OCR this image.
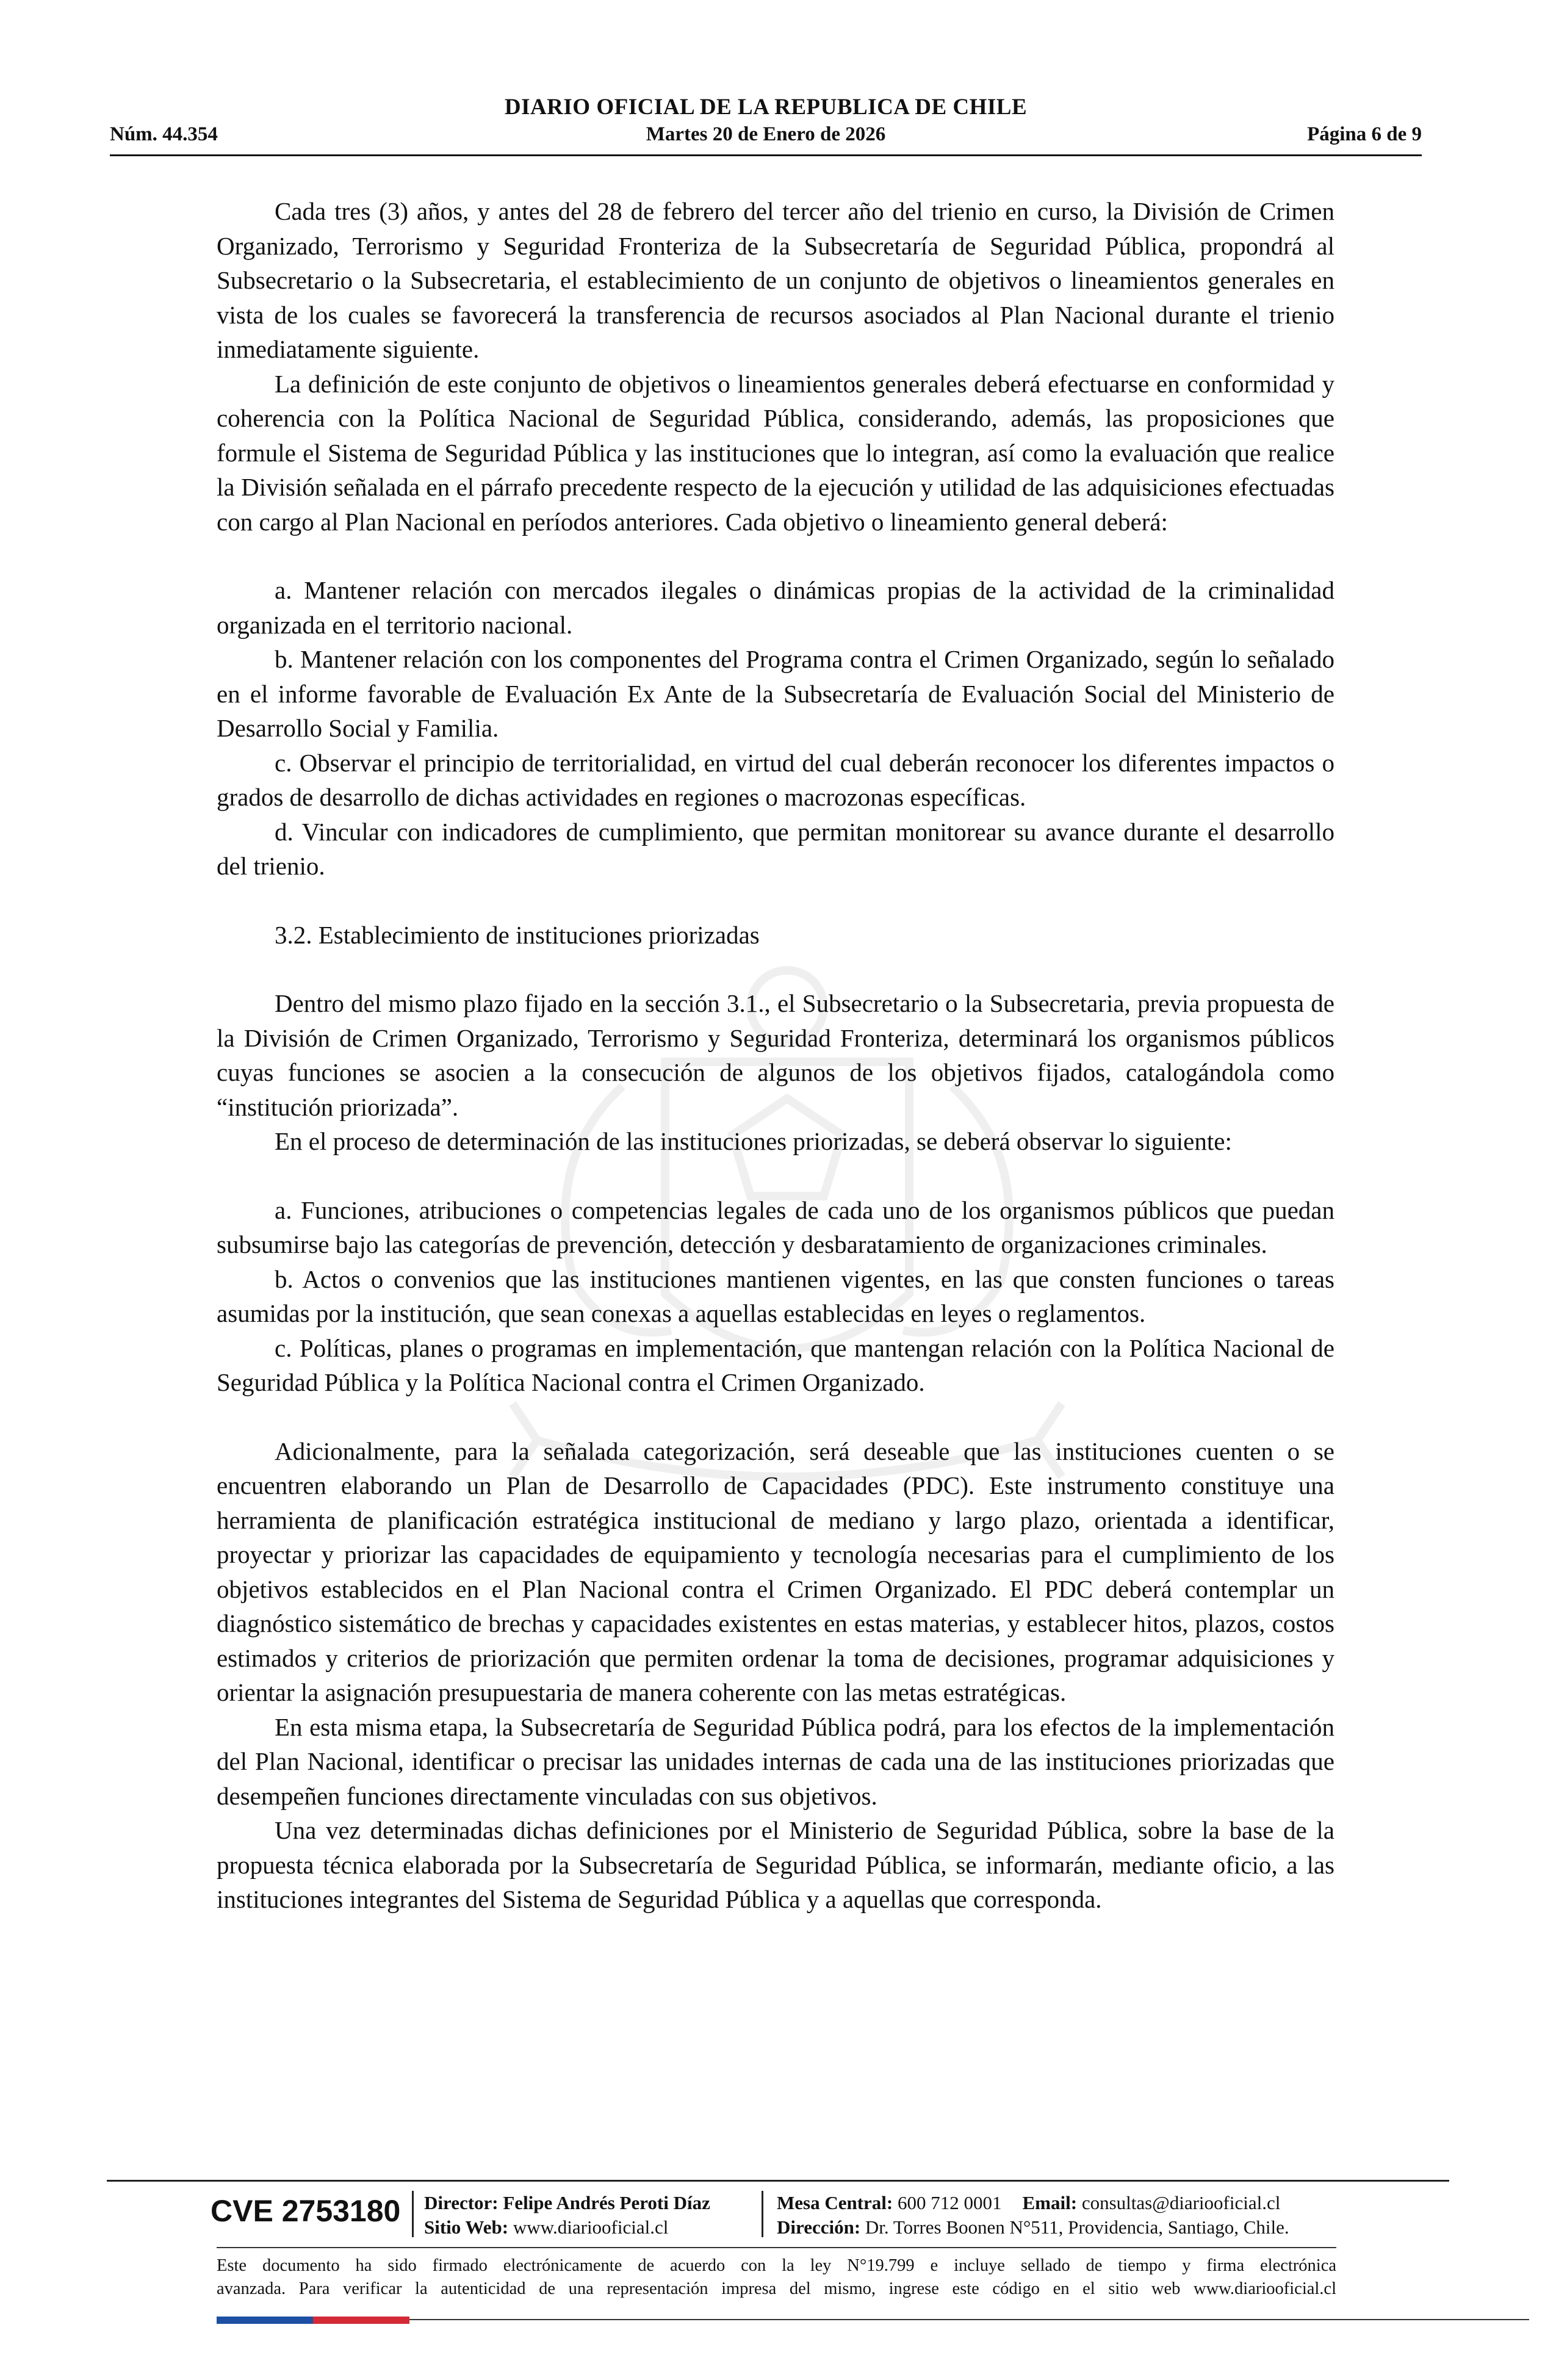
DIARIO OFICIAL DE LA REPUBLICA DE CHILE
Núm. 44.354	Martes 20 de Enero de 2026	Página 6 de 9

Cada tres (3) años, y antes del 28 de febrero del tercer año del trienio en curso, la División de Crimen Organizado, Terrorismo y Seguridad Fronteriza de la Subsecretaría de Seguridad Pública, propondrá al Subsecretario o la Subsecretaria, el establecimiento de un conjunto de objetivos o lineamientos generales en vista de los cuales se favorecerá la transferencia de recursos asociados al Plan Nacional durante el trienio inmediatamente siguiente.

La definición de este conjunto de objetivos o lineamientos generales deberá efectuarse en conformidad y coherencia con la Política Nacional de Seguridad Pública, considerando, además, las proposiciones que formule el Sistema de Seguridad Pública y las instituciones que lo integran, así como la evaluación que realice la División señalada en el párrafo precedente respecto de la ejecución y utilidad de las adquisiciones efectuadas con cargo al Plan Nacional en períodos anteriores. Cada objetivo o lineamiento general deberá:

a. Mantener relación con mercados ilegales o dinámicas propias de la actividad de la criminalidad organizada en el territorio nacional.

b. Mantener relación con los componentes del Programa contra el Crimen Organizado, según lo señalado en el informe favorable de Evaluación Ex Ante de la Subsecretaría de Evaluación Social del Ministerio de Desarrollo Social y Familia.

c. Observar el principio de territorialidad, en virtud del cual deberán reconocer los diferentes impactos o grados de desarrollo de dichas actividades en regiones o macrozonas específicas.

d. Vincular con indicadores de cumplimiento, que permitan monitorear su avance durante el desarrollo del trienio.

3.2. Establecimiento de instituciones priorizadas

Dentro del mismo plazo fijado en la sección 3.1., el Subsecretario o la Subsecretaria, previa propuesta de la División de Crimen Organizado, Terrorismo y Seguridad Fronteriza, determinará los organismos públicos cuyas funciones se asocien a la consecución de algunos de los objetivos fijados, catalogándola como “institución priorizada”.

En el proceso de determinación de las instituciones priorizadas, se deberá observar lo siguiente:

a. Funciones, atribuciones o competencias legales de cada uno de los organismos públicos que puedan subsumirse bajo las categorías de prevención, detección y desbaratamiento de organizaciones criminales.

b. Actos o convenios que las instituciones mantienen vigentes, en las que consten funciones o tareas asumidas por la institución, que sean conexas a aquellas establecidas en leyes o reglamentos.

c. Políticas, planes o programas en implementación, que mantengan relación con la Política Nacional de Seguridad Pública y la Política Nacional contra el Crimen Organizado.

Adicionalmente, para la señalada categorización, será deseable que las instituciones cuenten o se encuentren elaborando un Plan de Desarrollo de Capacidades (PDC). Este instrumento constituye una herramienta de planificación estratégica institucional de mediano y largo plazo, orientada a identificar, proyectar y priorizar las capacidades de equipamiento y tecnología necesarias para el cumplimiento de los objetivos establecidos en el Plan Nacional contra el Crimen Organizado. El PDC deberá contemplar un diagnóstico sistemático de brechas y capacidades existentes en estas materias, y establecer hitos, plazos, costos estimados y criterios de priorización que permiten ordenar la toma de decisiones, programar adquisiciones y orientar la asignación presupuestaria de manera coherente con las metas estratégicas.

En esta misma etapa, la Subsecretaría de Seguridad Pública podrá, para los efectos de la implementación del Plan Nacional, identificar o precisar las unidades internas de cada una de las instituciones priorizadas que desempeñen funciones directamente vinculadas con sus objetivos.

Una vez determinadas dichas definiciones por el Ministerio de Seguridad Pública, sobre la base de la propuesta técnica elaborada por la Subsecretaría de Seguridad Pública, se informarán, mediante oficio, a las instituciones integrantes del Sistema de Seguridad Pública y a aquellas que corresponda.

CVE 2753180 Director: Felipe Andrés Peroti Díaz
Sitio Web: www.diariooficial.cl
Mesa Central: 600 712 0001 Email: consultas@diariooficial.cl
Dirección: Dr. Torres Boonen N°511, Providencia, Santiago, Chile.
Este documento ha sido firmado electrónicamente de acuerdo con la ley N°19.799 e incluye sellado de tiempo y firma electrónica
avanzada. Para verificar la autenticidad de una representación impresa del mismo, ingrese este código en el sitio web www.diariooficial.cl
